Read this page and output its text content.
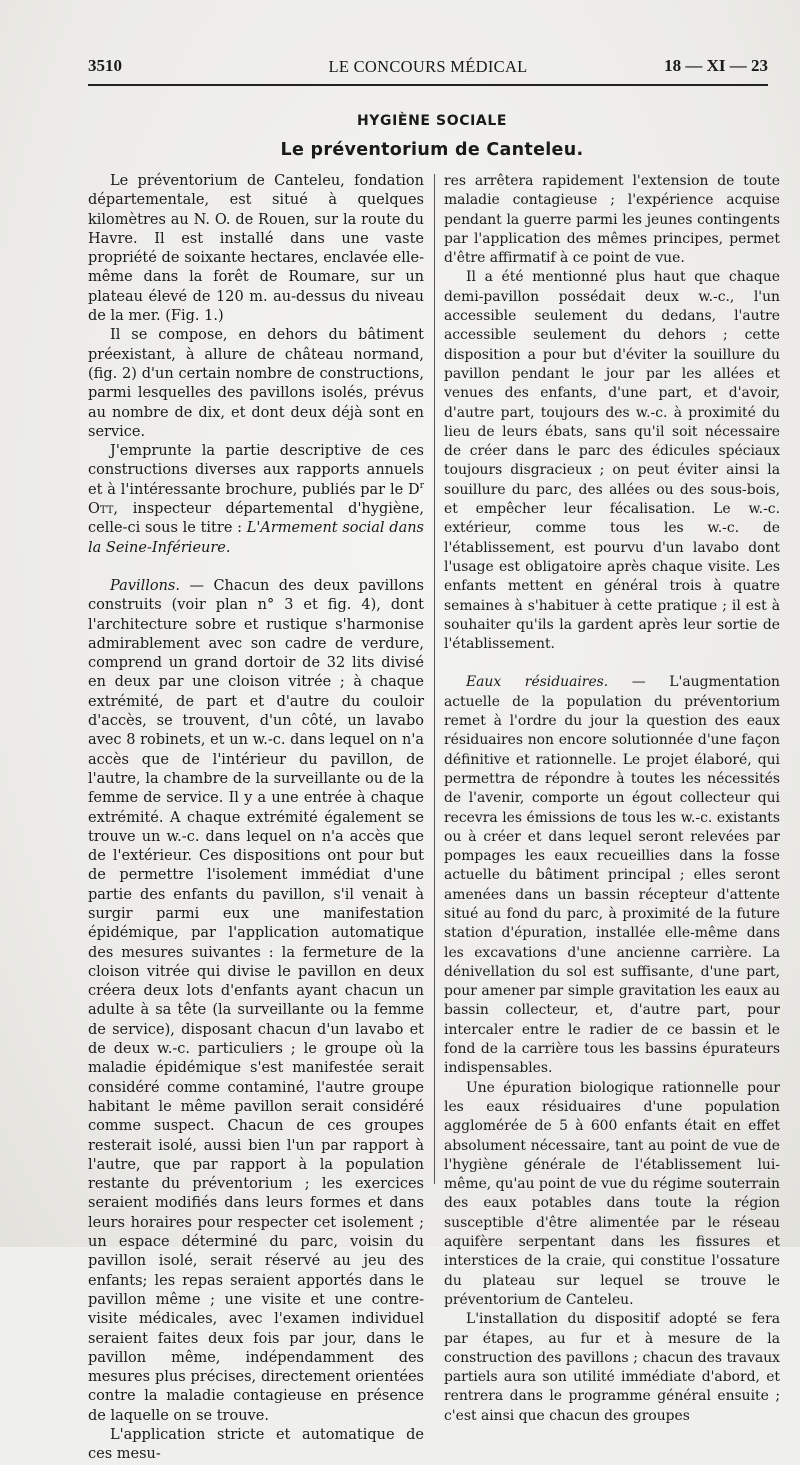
3510	LE CONCOURS MÉDICAL	18 — XI — 23
HYGIÈNE SOCIALE
Le préventorium de Canteleu.

Le préventorium de Canteleu, fondation départementale, est situé à quelques kilomètres au N. O. de Rouen, sur la route du Havre. Il est installé dans une vaste propriété de soixante hectares, enclavée elle-même dans la forêt de Roumare, sur un plateau élevé de 120 m. au-dessus du niveau de la mer. (Fig. 1.)

Il se compose, en dehors du bâtiment préexistant, à allure de château normand, (fig. 2) d'un certain nombre de constructions, parmi lesquelles des pavillons isolés, prévus au nombre de dix, et dont deux déjà sont en service.

J'emprunte la partie descriptive de ces constructions diverses aux rapports annuels et à l'intéressante brochure, publiés par le $D^r$ Ott, inspecteur départemental d'hygiène, celle-ci sous le titre : L'Armement social dans la Seine-Inférieure.

Pavillons. — Chacun des deux pavillons construits (voir plan n° 3 et fig. 4), dont l'architecture sobre et rustique s'harmonise admirablement avec son cadre de verdure, comprend un grand dortoir de 32 lits divisé en deux par une cloison vitrée ; à chaque extrémité, de part et d'autre du couloir d'accès, se trouvent, d'un côté, un lavabo avec 8 robinets, et un w.-c. dans lequel on n'a accès que de l'intérieur du pavillon, de l'autre, la chambre de la surveillante ou de la femme de service. Il y a une entrée à chaque extrémité. A chaque extrémité également se trouve un w.-c. dans lequel on n'a accès que de l'extérieur. Ces dispositions ont pour but de permettre l'isolement immédiat d'une partie des enfants du pavillon, s'il venait à surgir parmi eux une manifestation épidémique, par l'application automatique des mesures suivantes : la fermeture de la cloison vitrée qui divise le pavillon en deux créera deux lots d'enfants ayant chacun un adulte à sa tête (la surveillante ou la femme de service), disposant chacun d'un lavabo et de deux w.-c. particuliers ; le groupe où la maladie épidémique s'est manifestée serait considéré comme contaminé, l'autre groupe habitant le même pavillon serait considéré comme suspect. Chacun de ces groupes resterait isolé, aussi bien l'un par rapport à l'autre, que par rapport à la population restante du préventorium ; les exercices seraient modifiés dans leurs formes et dans leurs horaires pour respecter cet isolement ; un espace déterminé du parc, voisin du pavillon isolé, serait réservé au jeu des enfants; les repas seraient apportés dans le pavillon même ; une visite et une contre-visite médicales, avec l'examen individuel seraient faites deux fois par jour, dans le pavillon même, indépendamment des mesures plus précises, directement orientées contre la maladie contagieuse en présence de laquelle on se trouve.

L'application stricte et automatique de ces mesu-

res arrêtera rapidement l'extension de toute maladie contagieuse ; l'expérience acquise pendant la guerre parmi les jeunes contingents par l'application des mêmes principes, permet d'être affirmatif à ce point de vue.

Il a été mentionné plus haut que chaque demi-pavillon possédait deux w.-c., l'un accessible seulement du dedans, l'autre accessible seulement du dehors ; cette disposition a pour but d'éviter la souillure du pavillon pendant le jour par les allées et venues des enfants, d'une part, et d'avoir, d'autre part, toujours des w.-c. à proximité du lieu de leurs ébats, sans qu'il soit nécessaire de créer dans le parc des édicules spéciaux toujours disgracieux ; on peut éviter ainsi la souillure du parc, des allées ou des sous-bois, et empêcher leur fécalisation. Le w.-c. extérieur, comme tous les w.-c. de l'établissement, est pourvu d'un lavabo dont l'usage est obligatoire après chaque visite. Les enfants mettent en général trois à quatre semaines à s'habituer à cette pratique ; il est à souhaiter qu'ils la gardent après leur sortie de l'établissement.

Eaux résiduaires. — L'augmentation actuelle de la population du préventorium remet à l'ordre du jour la question des eaux résiduaires non encore solutionnée d'une façon définitive et rationnelle. Le projet élaboré, qui permettra de répondre à toutes les nécessités de l'avenir, comporte un égout collecteur qui recevra les émissions de tous les w.-c. existants ou à créer et dans lequel seront relevées par pompages les eaux recueillies dans la fosse actuelle du bâtiment principal ; elles seront amenées dans un bassin récepteur d'attente situé au fond du parc, à proximité de la future station d'épuration, installée elle-même dans les excavations d'une ancienne carrière. La dénivellation du sol est suffisante, d'une part, pour amener par simple gravitation les eaux au bassin collecteur, et, d'autre part, pour intercaler entre le radier de ce bassin et le fond de la carrière tous les bassins épurateurs indispensables.

Une épuration biologique rationnelle pour les eaux résiduaires d'une population agglomérée de 5 à 600 enfants était en effet absolument nécessaire, tant au point de vue de l'hygiène générale de l'établissement lui-même, qu'au point de vue du régime souterrain des eaux potables dans toute la région susceptible d'être alimentée par le réseau aquifère serpentant dans les fissures et interstices de la craie, qui constitue l'ossature du plateau sur lequel se trouve le préventorium de Canteleu.

L'installation du dispositif adopté se fera par étapes, au fur et à mesure de la construction des pavillons ; chacun des travaux partiels aura son utilité immédiate d'abord, et rentrera dans le programme général ensuite ; c'est ainsi que chacun des groupes
